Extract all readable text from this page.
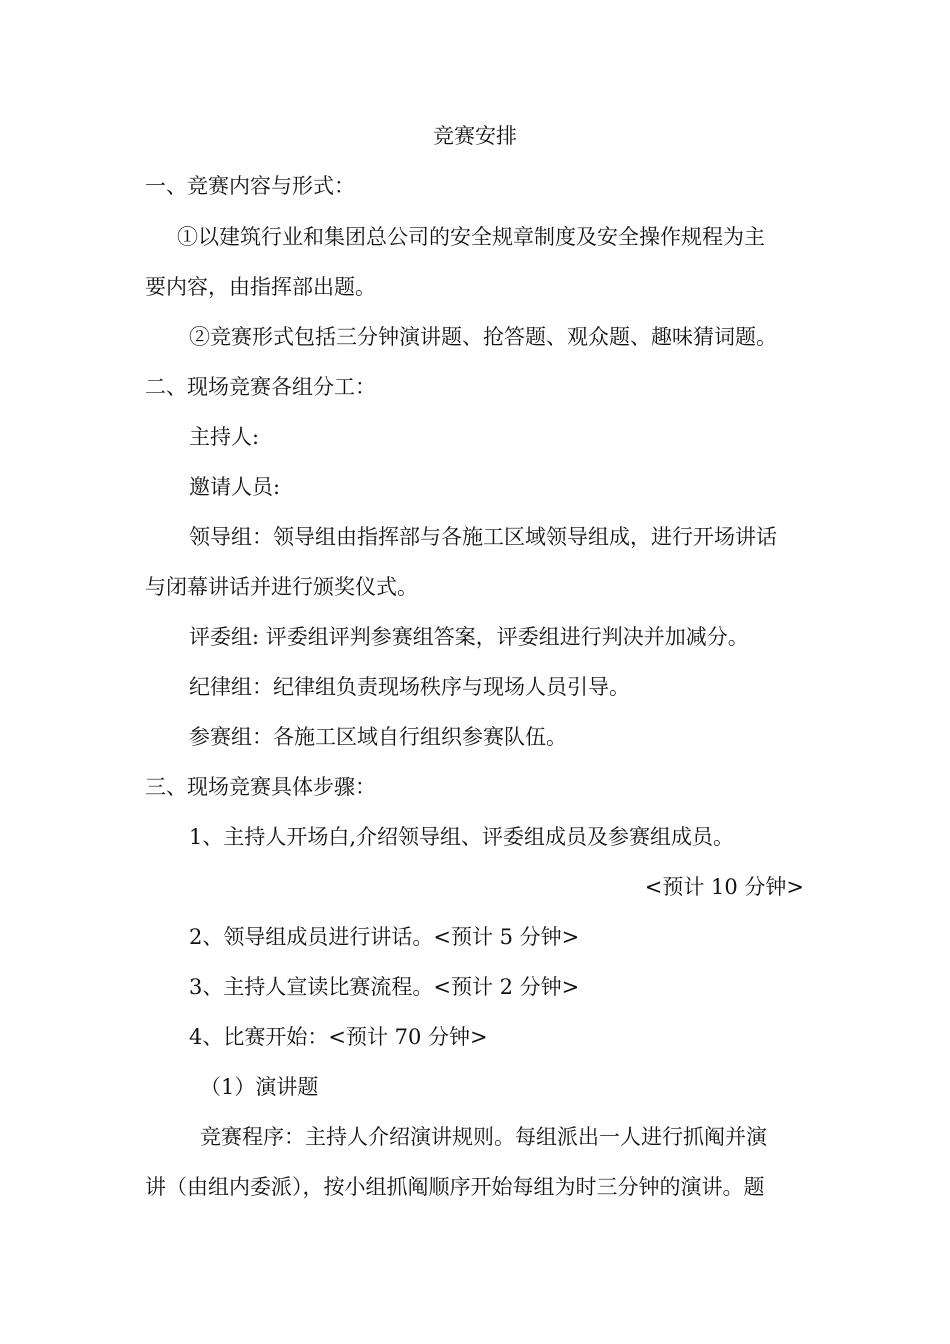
竞赛安排
一、竞赛内容与形式：
①以建筑行业和集团总公司的安全规章制度及安全操作规程为主
要内容，由指挥部出题。
②竞赛形式包括三分钟演讲题、抢答题、观众题、趣味猜词题。
二、现场竞赛各组分工：
主持人:
邀请人员:
领导组：领导组由指挥部与各施工区域领导组成，进行开场讲话
与闭幕讲话并进行颁奖仪式。
评委组: 评委组评判参赛组答案，评委组进行判决并加减分。
纪律组：纪律组负责现场秩序与现场人员引导。
参赛组：各施工区域自行组织参赛队伍。
三、现场竞赛具体步骤：
1、主持人开场白,介绍领导组、评委组成员及参赛组成员。
<预计 10 分钟>
2、领导组成员进行讲话。<预计 5 分钟>
3、主持人宣读比赛流程。<预计 2 分钟>
4、比赛开始：<预计 70 分钟>
（1）演讲题
竞赛程序：主持人介绍演讲规则。每组派出一人进行抓阄并演
讲（由组内委派），按小组抓阄顺序开始每组为时三分钟的演讲。题
